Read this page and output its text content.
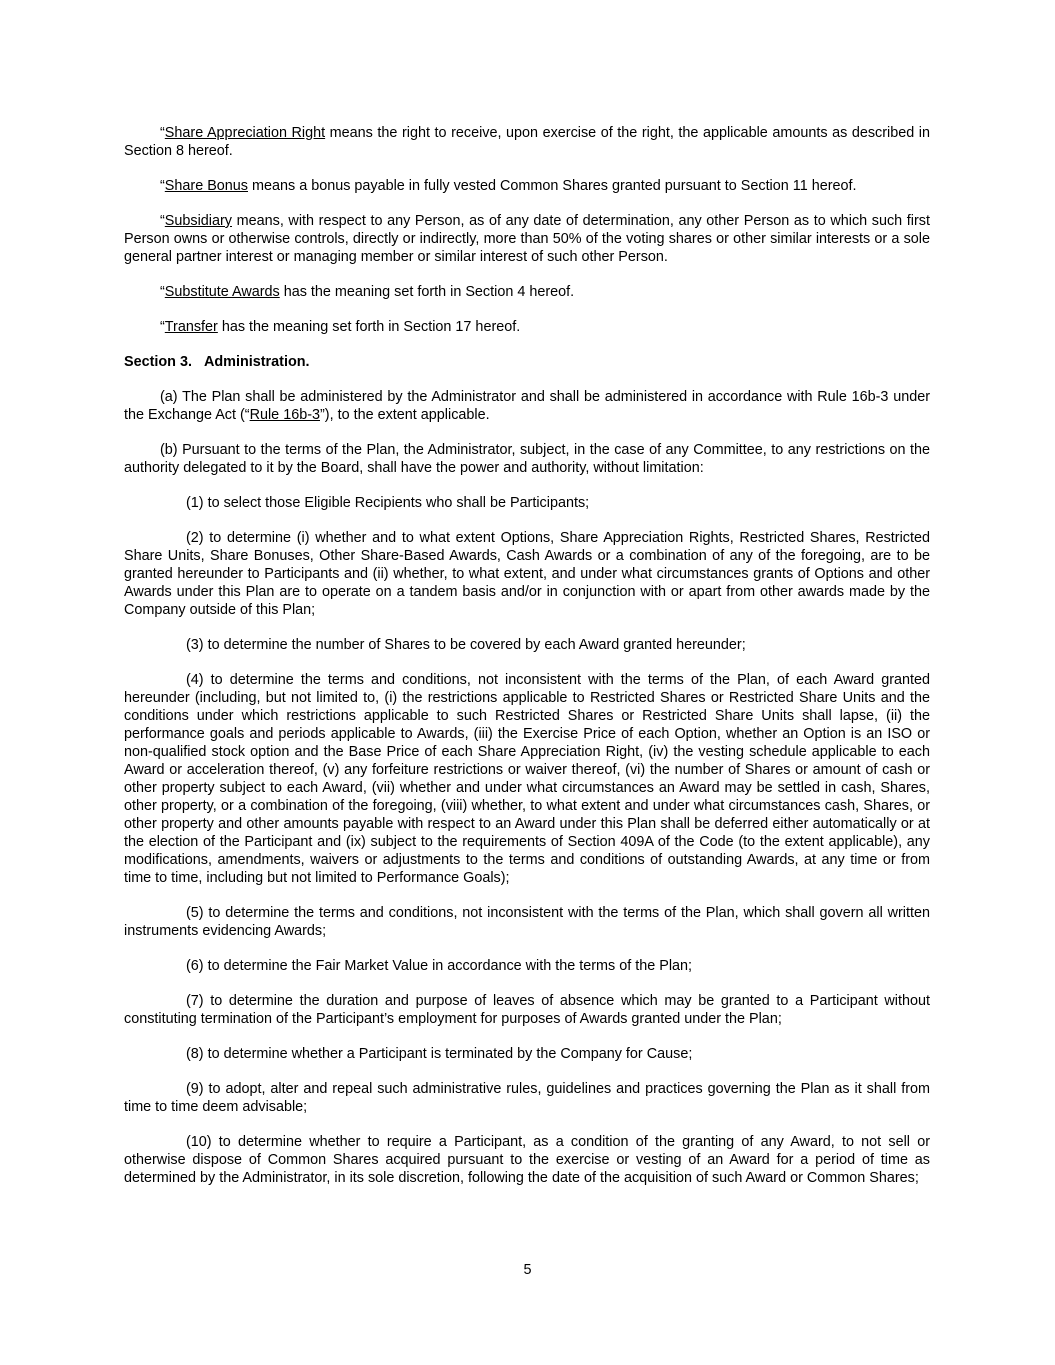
“Share Appreciation Right means the right to receive, upon exercise of the right, the applicable amounts as described in Section 8 hereof.

“Share Bonus means a bonus payable in fully vested Common Shares granted pursuant to Section 11 hereof.

“Subsidiary means, with respect to any Person, as of any date of determination, any other Person as to which such first Person owns or otherwise controls, directly or indirectly, more than 50% of the voting shares or other similar interests or a sole general partner interest or managing member or similar interest of such other Person.

“Substitute Awards has the meaning set forth in Section 4 hereof.

“Transfer has the meaning set forth in Section 17 hereof.

Section 3. Administration.

(a) The Plan shall be administered by the Administrator and shall be administered in accordance with Rule 16b-3 under the Exchange Act (“Rule 16b-3”), to the extent applicable.

(b) Pursuant to the terms of the Plan, the Administrator, subject, in the case of any Committee, to any restrictions on the authority delegated to it by the Board, shall have the power and authority, without limitation:

(1) to select those Eligible Recipients who shall be Participants;

(2) to determine (i) whether and to what extent Options, Share Appreciation Rights, Restricted Shares, Restricted Share Units, Share Bonuses, Other Share-Based Awards, Cash Awards or a combination of any of the foregoing, are to be granted hereunder to Participants and (ii) whether, to what extent, and under what circumstances grants of Options and other Awards under this Plan are to operate on a tandem basis and/or in conjunction with or apart from other awards made by the Company outside of this Plan;

(3) to determine the number of Shares to be covered by each Award granted hereunder;

(4) to determine the terms and conditions, not inconsistent with the terms of the Plan, of each Award granted hereunder (including, but not limited to, (i) the restrictions applicable to Restricted Shares or Restricted Share Units and the conditions under which restrictions applicable to such Restricted Shares or Restricted Share Units shall lapse, (ii) the performance goals and periods applicable to Awards, (iii) the Exercise Price of each Option, whether an Option is an ISO or non-qualified stock option and the Base Price of each Share Appreciation Right, (iv) the vesting schedule applicable to each Award or acceleration thereof, (v) any forfeiture restrictions or waiver thereof, (vi) the number of Shares or amount of cash or other property subject to each Award, (vii) whether and under what circumstances an Award may be settled in cash, Shares, other property, or a combination of the foregoing, (viii) whether, to what extent and under what circumstances cash, Shares, or other property and other amounts payable with respect to an Award under this Plan shall be deferred either automatically or at the election of the Participant and (ix) subject to the requirements of Section 409A of the Code (to the extent applicable), any modifications, amendments, waivers or adjustments to the terms and conditions of outstanding Awards, at any time or from time to time, including but not limited to Performance Goals);

(5) to determine the terms and conditions, not inconsistent with the terms of the Plan, which shall govern all written instruments evidencing Awards;

(6) to determine the Fair Market Value in accordance with the terms of the Plan;

(7) to determine the duration and purpose of leaves of absence which may be granted to a Participant without constituting termination of the Participant’s employment for purposes of Awards granted under the Plan;

(8) to determine whether a Participant is terminated by the Company for Cause;

(9) to adopt, alter and repeal such administrative rules, guidelines and practices governing the Plan as it shall from time to time deem advisable;

(10) to determine whether to require a Participant, as a condition of the granting of any Award, to not sell or otherwise dispose of Common Shares acquired pursuant to the exercise or vesting of an Award for a period of time as determined by the Administrator, in its sole discretion, following the date of the acquisition of such Award or Common Shares;

5
